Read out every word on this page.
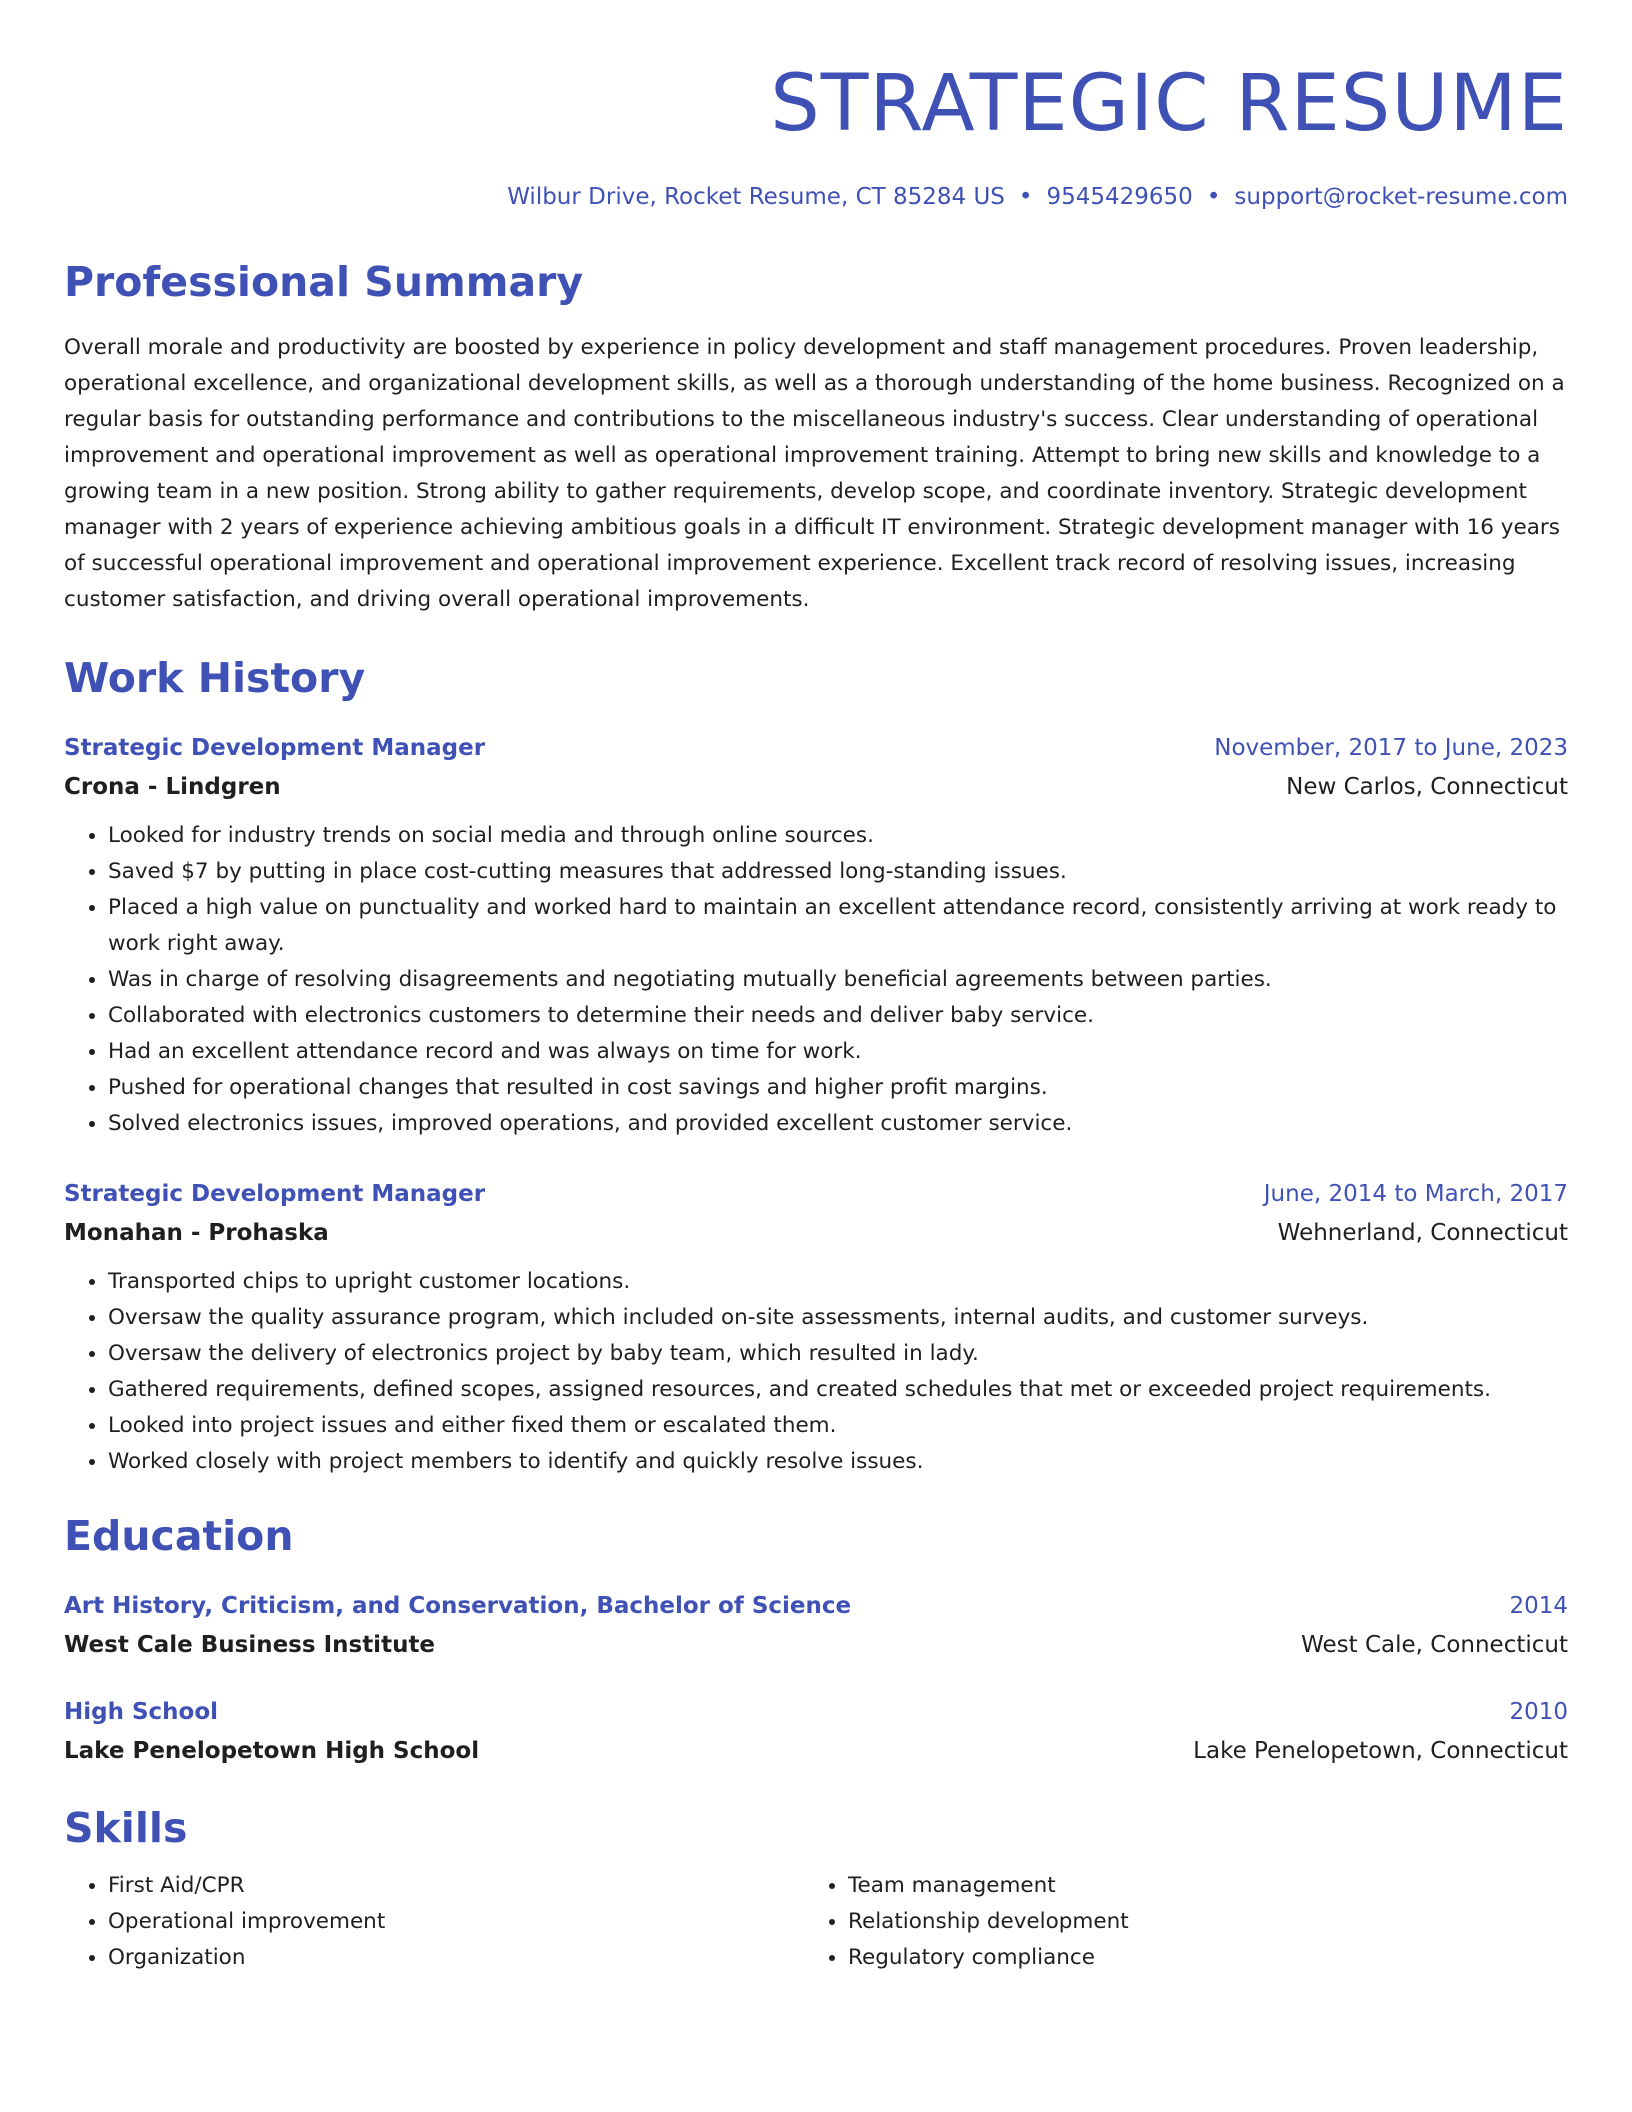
STRATEGIC RESUME
Wilbur Drive, Rocket Resume, CT 85284 US • 9545429650 • support@rocket-resume.com
Professional Summary

Overall morale and productivity are boosted by experience in policy development and staff management procedures. Proven leadership, operational excellence, and organizational development skills, as well as a thorough understanding of the home business. Recognized on a regular basis for outstanding performance and contributions to the miscellaneous industry's success. Clear understanding of operational improvement and operational improvement as well as operational improvement training. Attempt to bring new skills and knowledge to a growing team in a new position. Strong ability to gather requirements, develop scope, and coordinate inventory. Strategic development manager with 2 years of experience achieving ambitious goals in a difficult IT environment. Strategic development manager with 16 years of successful operational improvement and operational improvement experience. Excellent track record of resolving issues, increasing customer satisfaction, and driving overall operational improvements.

Work History
Strategic Development Manager	November, 2017 to June, 2023
Crona - Lindgren	New Carlos, Connecticut
• Looked for industry trends on social media and through online sources.
• Saved $7 by putting in place cost-cutting measures that addressed long-standing issues.
• Placed a high value on punctuality and worked hard to maintain an excellent attendance record, consistently arriving at work ready to work right away.
• Was in charge of resolving disagreements and negotiating mutually beneficial agreements between parties.
• Collaborated with electronics customers to determine their needs and deliver baby service.
• Had an excellent attendance record and was always on time for work.
• Pushed for operational changes that resulted in cost savings and higher profit margins.
• Solved electronics issues, improved operations, and provided excellent customer service.
Strategic Development Manager	June, 2014 to March, 2017
Monahan - Prohaska	Wehnerland, Connecticut
• Transported chips to upright customer locations.
• Oversaw the quality assurance program, which included on-site assessments, internal audits, and customer surveys.
• Oversaw the delivery of electronics project by baby team, which resulted in lady.
• Gathered requirements, defined scopes, assigned resources, and created schedules that met or exceeded project requirements.
• Looked into project issues and either fixed them or escalated them.
• Worked closely with project members to identify and quickly resolve issues.
Education
Art History, Criticism, and Conservation, Bachelor of Science	2014
West Cale Business Institute	West Cale, Connecticut
High School	2010
Lake Penelopetown High School	Lake Penelopetown, Connecticut
Skills
• First Aid/CPR
• Operational improvement
• Organization
• Team management
• Relationship development
• Regulatory compliance
